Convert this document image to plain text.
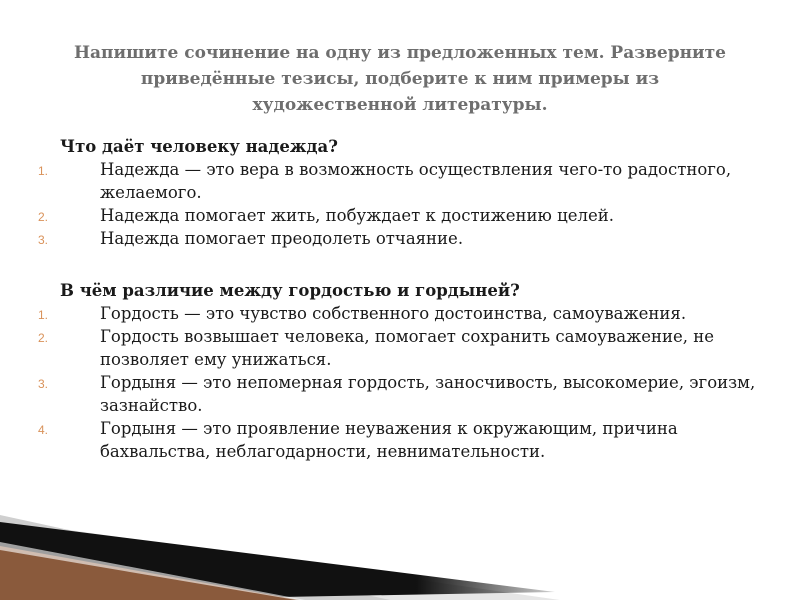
Напишите сочинение на одну из предложенных тем. Разверните приведённые тезисы, подберите к ним примеры из художественной литературы.
Что даёт человеку надежда?
1.	Надежда — это вера в возможность осуществления чего-то радостного, желаемого.
2.	Надежда помогает жить, побуждает к достижению целей.
3.	Надежда помогает преодолеть отчаяние.
В чём различие между гордостью и гордыней?
1.	Гордость — это чувство собственного достоинства, самоуважения.
2.	Гордость возвышает человека, помогает сохранить самоуважение, не позволяет ему унижаться.
3.	Гордыня — это непомерная гордость, заносчивость, высокомерие, эгоизм, зазнайство.
4.	Гордыня — это проявление неуважения к окружающим, причина бахвальства, неблагодарности, невнимательности.
